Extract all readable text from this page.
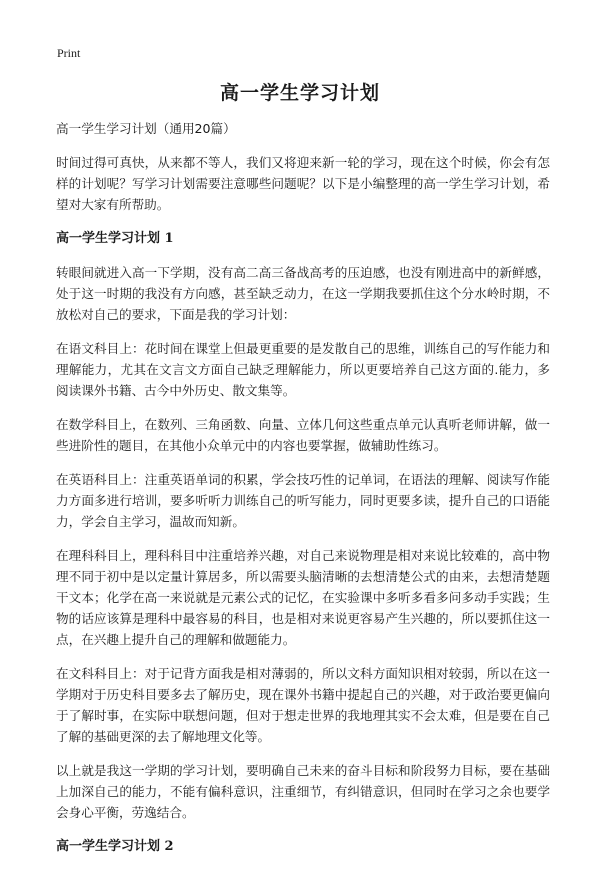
Print
高一学生学习计划

高一学生学习计划（通用20篇）

时间过得可真快，从来都不等人，我们又将迎来新一轮的学习，现在这个时候，你会有怎样的计划呢？写学习计划需要注意哪些问题呢？以下是小编整理的高一学生学习计划，希望对大家有所帮助。

高一学生学习计划 1

转眼间就进入高一下学期，没有高二高三备战高考的压迫感，也没有刚进高中的新鲜感，处于这一时期的我没有方向感，甚至缺乏动力，在这一学期我要抓住这个分水岭时期，不放松对自己的要求，下面是我的学习计划：

在语文科目上：花时间在课堂上但最更重要的是发散自己的思维，训练自己的写作能力和理解能力，尤其在文言文方面自己缺乏理解能力，所以更要培养自己这方面的.能力，多阅读课外书籍、古今中外历史、散文集等。

在数学科目上，在数列、三角函数、向量、立体几何这些重点单元认真听老师讲解，做一些进阶性的题目，在其他小众单元中的内容也要掌握，做辅助性练习。

在英语科目上：注重英语单词的积累，学会技巧性的记单词，在语法的理解、阅读写作能力方面多进行培训，要多听听力训练自己的听写能力，同时更要多读，提升自己的口语能力，学会自主学习，温故而知新。

在理科科目上，理科科目中注重培养兴趣，对自己来说物理是相对来说比较难的，高中物理不同于初中是以定量计算居多，所以需要头脑清晰的去想清楚公式的由来，去想清楚题干文本；化学在高一来说就是元素公式的记忆，在实验课中多听多看多问多动手实践；生物的话应该算是理科中最容易的科目，也是相对来说更容易产生兴趣的，所以要抓住这一点，在兴趣上提升自己的理解和做题能力。

在文科科目上：对于记背方面我是相对薄弱的，所以文科方面知识相对较弱，所以在这一学期对于历史科目要多去了解历史，现在课外书籍中提起自己的兴趣，对于政治要更偏向于了解时事，在实际中联想问题，但对于想走世界的我地理其实不会太难，但是要在自己了解的基础更深的去了解地理文化等。

以上就是我这一学期的学习计划，要明确自己未来的奋斗目标和阶段努力目标，要在基础上加深自己的能力，不能有偏科意识，注重细节，有纠错意识，但同时在学习之余也要学会身心平衡，劳逸结合。

高一学生学习计划 2
